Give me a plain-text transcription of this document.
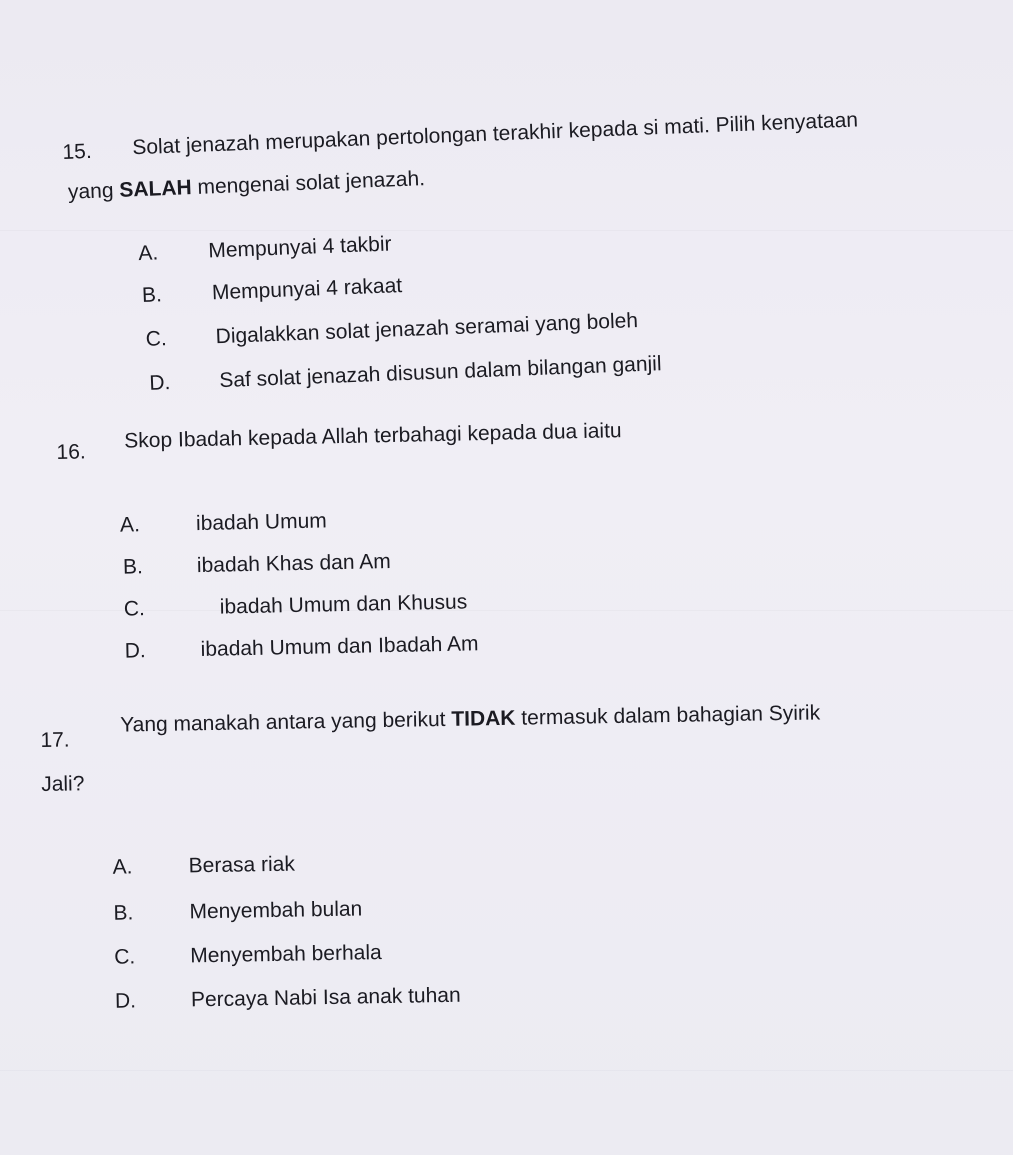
15. Solat jenazah merupakan pertolongan terakhir kepada si mati. Pilih kenyataan
yang SALAH mengenai solat jenazah.
A. Mempunyai 4 takbir
B. Mempunyai 4 rakaat
C. Digalakkan solat jenazah seramai yang boleh
D. Saf solat jenazah disusun dalam bilangan ganjil
16. Skop Ibadah kepada Allah terbahagi kepada dua iaitu
A.	ibadah Umum
B.	ibadah Khas dan Am
C.	ibadah Umum dan Khusus
D.	ibadah Umum dan Ibadah Am
17.
Yang manakah antara yang berikut TIDAK termasuk dalam bahagian Syirik
Jali?
A.	Berasa riak
B.	Menyembah bulan
C.	Menyembah berhala
D.	Percaya Nabi Isa anak tuhan
